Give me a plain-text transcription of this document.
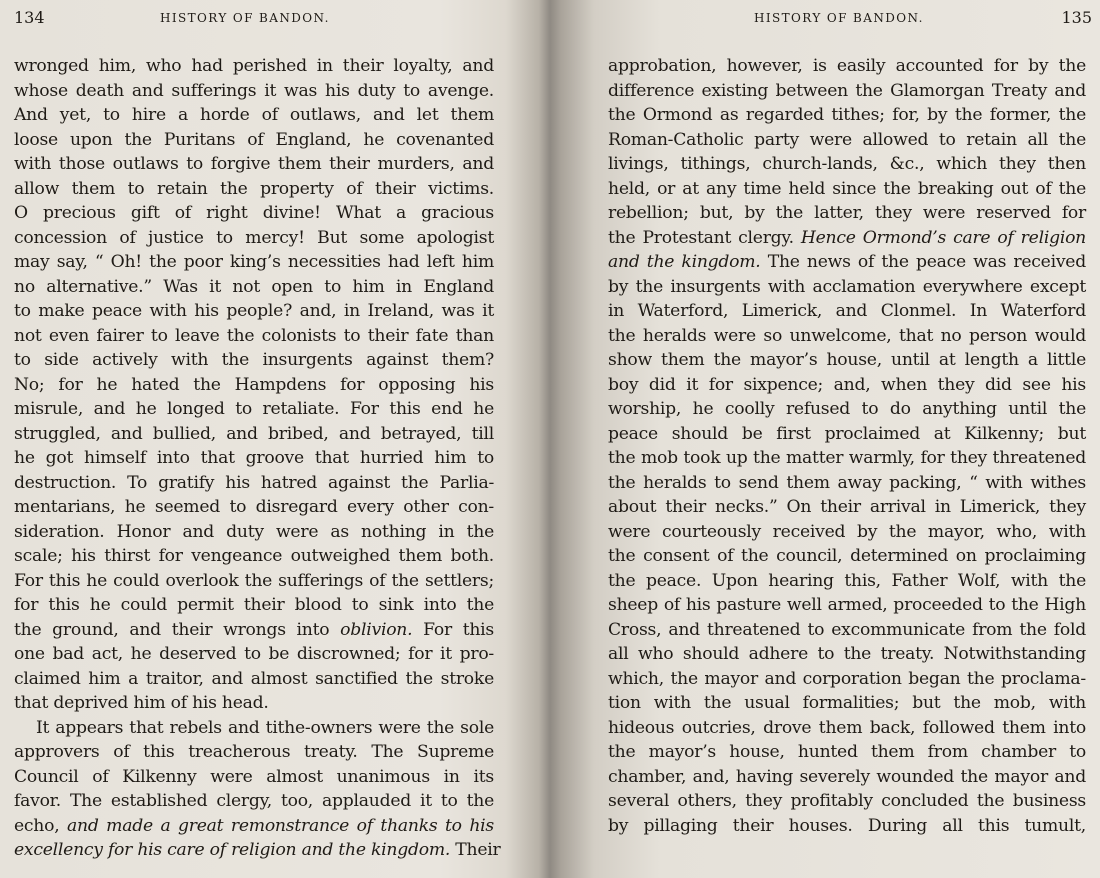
134	HISTORY OF BANDON.
wronged him, who had perished in their loyalty, and
whose death and sufferings it was his duty to avenge.
And yet, to hire a horde of outlaws, and let them
loose upon the Puritans of England, he covenanted
with those outlaws to forgive them their murders, and
allow them to retain the property of their victims.
O precious gift of right divine! What a gracious
concession of justice to mercy! But some apologist
may say, “ Oh! the poor king’s necessities had left him
no alternative.” Was it not open to him in England
to make peace with his people? and, in Ireland, was it
not even fairer to leave the colonists to their fate than
to side actively with the insurgents against them?
No; for he hated the Hampdens for opposing his
misrule, and he longed to retaliate. For this end he
struggled, and bullied, and bribed, and betrayed, till
he got himself into that groove that hurried him to
destruction. To gratify his hatred against the Parlia-
mentarians, he seemed to disregard every other con-
sideration. Honor and duty were as nothing in the
scale; his thirst for vengeance outweighed them both.
For this he could overlook the sufferings of the settlers;
for this he could permit their blood to sink into the
the ground, and their wrongs into oblivion. For this
one bad act, he deserved to be discrowned; for it pro-
claimed him a traitor, and almost sanctified the stroke
that deprived him of his head.
It appears that rebels and tithe-owners were the sole
approvers of this treacherous treaty. The Supreme
Council of Kilkenny were almost unanimous in its
favor. The established clergy, too, applauded it to the
echo, and made a great remonstrance of thanks to his
excellency for his care of religion and the kingdom. Their
HISTORY OF BANDON.	135
approbation, however, is easily accounted for by the
difference existing between the Glamorgan Treaty and
the Ormond as regarded tithes; for, by the former, the
Roman-Catholic party were allowed to retain all the
livings, tithings, church-lands, &c., which they then
held, or at any time held since the breaking out of the
rebellion; but, by the latter, they were reserved for
the Protestant clergy. Hence Ormond’s care of religion
and the kingdom. The news of the peace was received
by the insurgents with acclamation everywhere except
in Waterford, Limerick, and Clonmel. In Waterford
the heralds were so unwelcome, that no person would
show them the mayor’s house, until at length a little
boy did it for sixpence; and, when they did see his
worship, he coolly refused to do anything until the
peace should be first proclaimed at Kilkenny; but
the mob took up the matter warmly, for they threatened
the heralds to send them away packing, “ with withes
about their necks.” On their arrival in Limerick, they
were courteously received by the mayor, who, with
the consent of the council, determined on proclaiming
the peace. Upon hearing this, Father Wolf, with the
sheep of his pasture well armed, proceeded to the High
Cross, and threatened to excommunicate from the fold
all who should adhere to the treaty. Notwithstanding
which, the mayor and corporation began the proclama-
tion with the usual formalities; but the mob, with
hideous outcries, drove them back, followed them into
the mayor’s house, hunted them from chamber to
chamber, and, having severely wounded the mayor and
several others, they profitably concluded the business
by pillaging their houses. During all this tumult,
